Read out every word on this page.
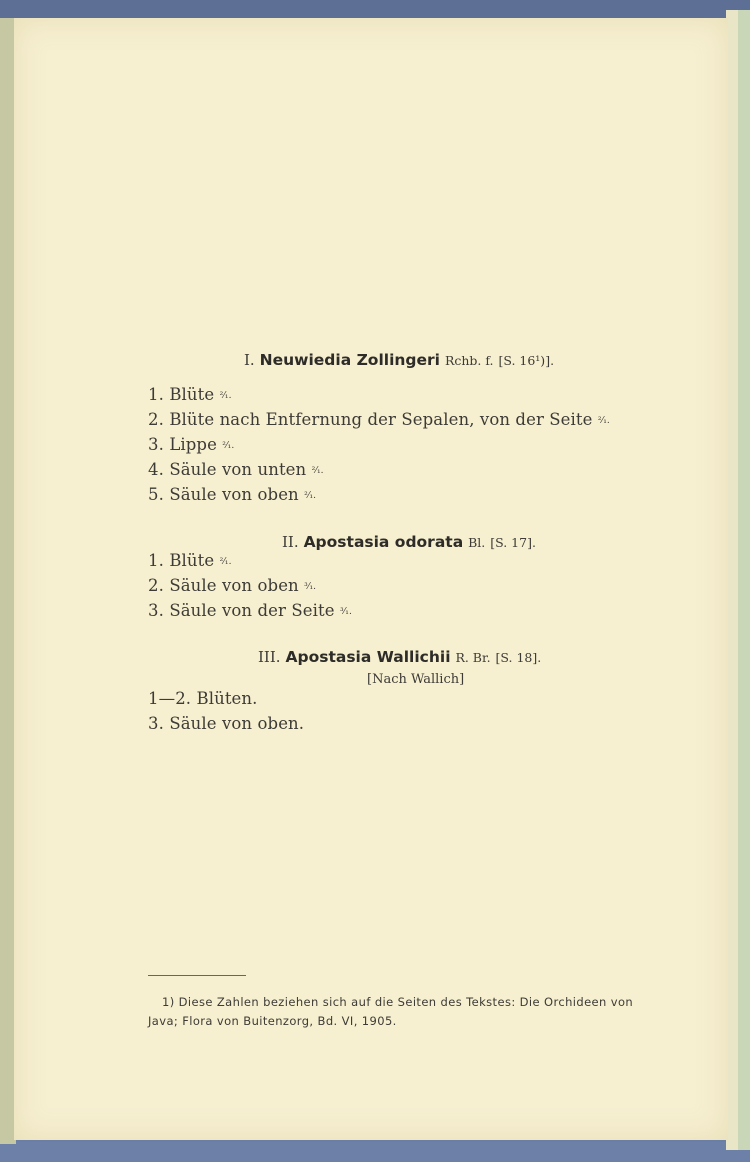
I. Neuwiedia Zollingeri Rchb. f. [S. 16¹)].
1. Blüte ²⁄₁.
2. Blüte nach Entfernung der Sepalen, von der Seite ²⁄₁.
3. Lippe ²⁄₁.
4. Säule von unten ²⁄₁.
5. Säule von oben ²⁄₁.
II. Apostasia odorata Bl. [S. 17].
1. Blüte ²⁄₁.
2. Säule von oben ³⁄₁.
3. Säule von der Seite ³⁄₁.
III. Apostasia Wallichii R. Br. [S. 18].
[Nach Wallich]
1—2. Blüten.
3. Säule von oben.
1) Diese Zahlen beziehen sich auf die Seiten des Tekstes: Die Orchideen von
Java; Flora von Buitenzorg, Bd. VI, 1905.
